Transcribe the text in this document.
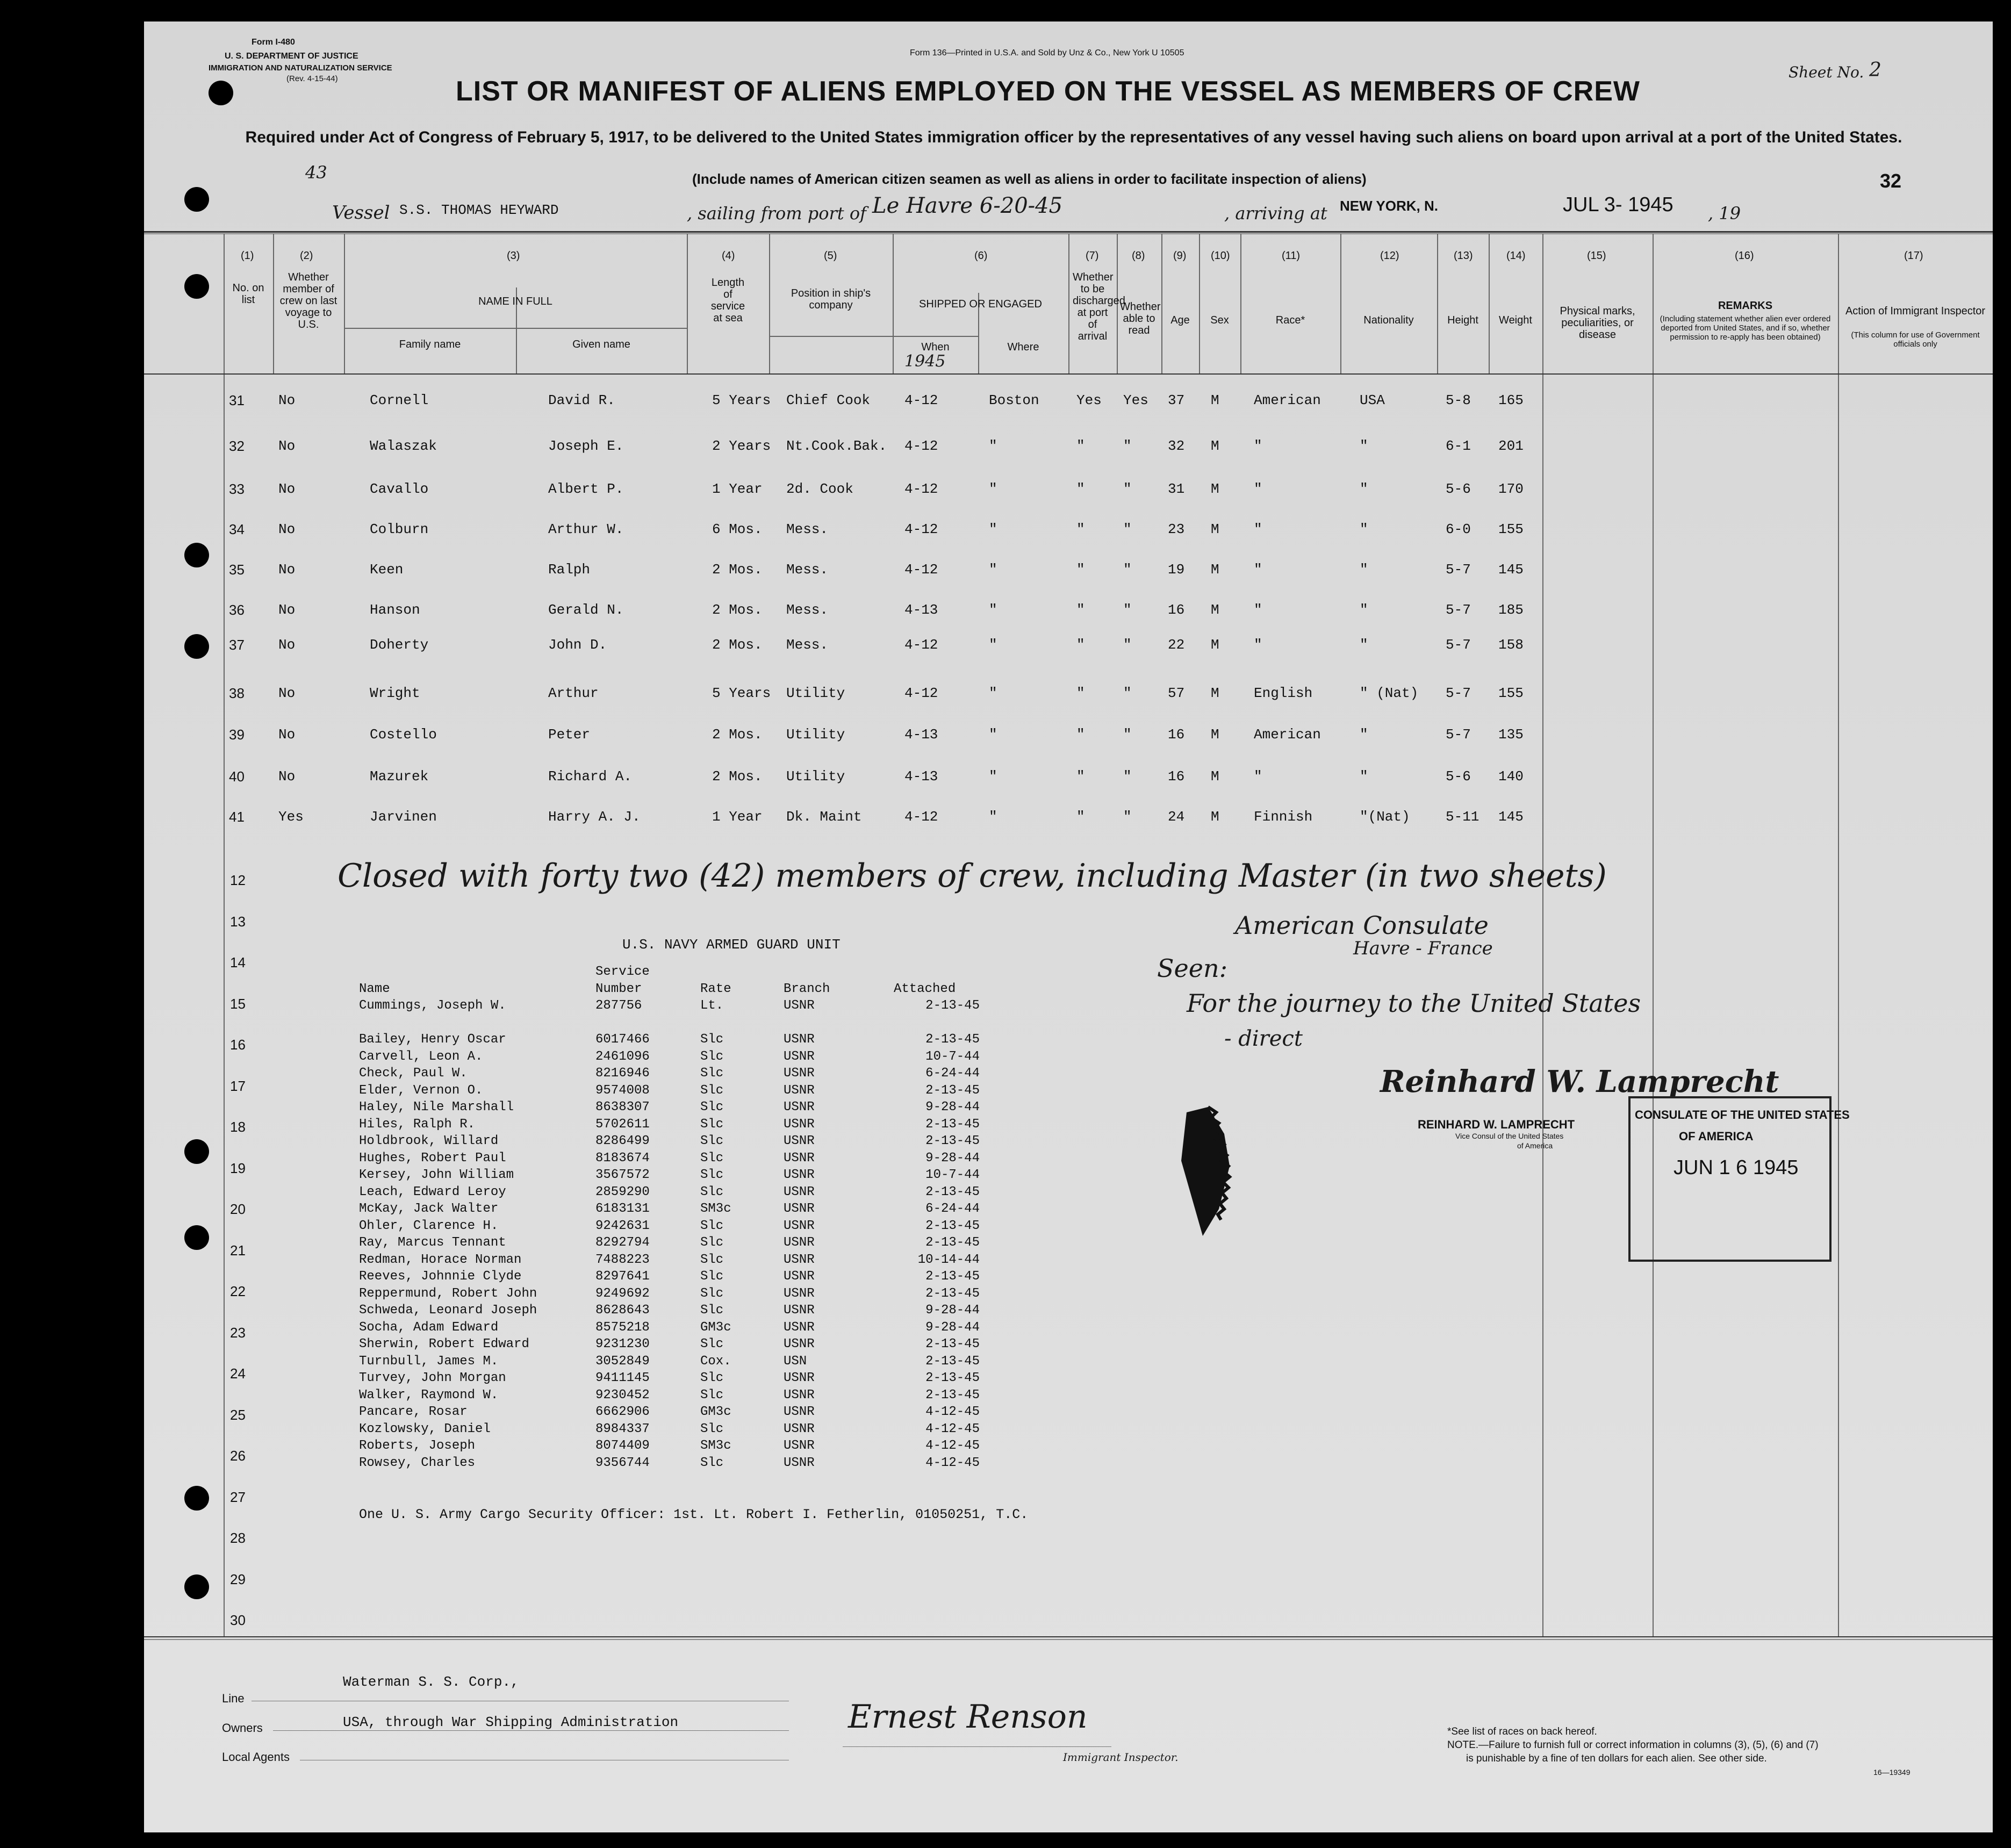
Form I-480
U. S. DEPARTMENT OF JUSTICE
IMMIGRATION AND NATURALIZATION SERVICE
(Rev. 4-15-44)
Form 136—Printed in U.S.A. and Sold by Unz & Co., New York U 10505
Sheet No. 2
LIST OR MANIFEST OF ALIENS EMPLOYED ON THE VESSEL AS MEMBERS OF CREW
Required under Act of Congress of February 5, 1917, to be delivered to the United States immigration officer by the representatives of any vessel having such aliens on board upon arrival at a port of the United States.
(Include names of American citizen seamen as well as aliens in order to facilitate inspection of aliens)	32
43
Vessel S.S. THOMAS HEYWARD	, sailing from port of Le Havre 6-20-45	, arriving at NEW YORK, N.	JUL 3- 1945 , 19
(1)	(2)	(3)	(4)	(5)	(6)	(7)	(8)	(9) (10)	(11)	(12)	(13)	(14)	(15)	(16)	(17)
No. on list
Whether member of crew on last voyage to U.S.
NAME IN FULL
Family name	Given name
Length of service at sea
Position in ship's company	SHIPPED OR ENGAGED
When
1945
Where
Whether to be discharged at port of arrival
Whether able to read
Age	Sex	Race*	Nationality	Height	Weight
Physical marks, peculiarities, or disease
REMARKS
(Including statement whether alien ever ordered deported from United States, and if so, whether permission to re-apply has been obtained)
Action of Immigrant Inspector
(This column for use of Government officials only
31 No	Cornell	David R.	5 Years Chief Cook 4-12	Boston	Yes Yes 37 M American	USA	5-8 165
32 No	Walaszak	Joseph E.	2 Years Nt.Cook.Bak. 4-12	"	"	"	32 M "	"	6-1 201
33 No	Cavallo	Albert P.	1 Year 2d. Cook	4-12	"	"	"	31 M "	"	5-6 170
34 No	Colburn	Arthur W.	6 Mos. Mess.	4-12	"	"	"	23 M "	"	6-0 155
35 No	Keen	Ralph	2 Mos. Mess.	4-12	"	"	"	19 M "	"	5-7 145
36 No	Hanson	Gerald N.	2 Mos. Mess.	4-13	"	"	"	16 M "	"	5-7 185
37 No	Doherty	John D.	2 Mos. Mess.	4-12	"	"	"	22 M "	"	5-7 158
38 No	Wright	Arthur	5 Years Utility	4-12	"	"	"	57 M English	" (Nat) 5-7 155
39 No	Costello	Peter	2 Mos. Utility	4-13	"	"	"	16 M American	"	5-7 135
40 No	Mazurek	Richard A.	2 Mos. Utility	4-13	"	"	"	16 M "	"	5-6 140
41 Yes	Jarvinen	Harry A. J.	1 Year Dk. Maint	4-12	"	"	"	24 M Finnish	"(Nat)	5-11 145
12
13
14
15
16
17
18
19
20
21
22
23
24
25
26
27
28
29
30
Closed with forty two (42) members of crew, including Master (in two sheets)
American Consulate
Havre - France
Seen:
For the journey to the United States
- direct
Reinhard W. Lamprecht
REINHARD W. LAMPRECHT
Vice Consul of the United States
of America
CONSULATE OF THE UNITED STATES
OF AMERICA
JUN 1 6 1945
U.S. NAVY ARMED GUARD UNIT
Service
Name	Number	Rate	Branch	Attached
Cummings, Joseph W.	287756	Lt.	USNR	2-13-45

Bailey, Henry Oscar	6017466	Slc	USNR	2-13-45
Carvell, Leon A.	2461096	Slc	USNR	10-7-44
Check, Paul W.	8216946	Slc	USNR	6-24-44
Elder, Vernon O.	9574008	Slc	USNR	2-13-45
Haley, Nile Marshall	8638307	Slc	USNR	9-28-44
Hiles, Ralph R.	5702611	Slc	USNR	2-13-45
Holdbrook, Willard	8286499	Slc	USNR	2-13-45
Hughes, Robert Paul	8183674	Slc	USNR	9-28-44
Kersey, John William	3567572	Slc	USNR	10-7-44
Leach, Edward Leroy	2859290	Slc	USNR	2-13-45
McKay, Jack Walter	6183131	SM3c	USNR	6-24-44
Ohler, Clarence H.	9242631	Slc	USNR	2-13-45
Ray, Marcus Tennant	8292794	Slc	USNR	2-13-45
Redman, Horace Norman	7488223	Slc	USNR	10-14-44
Reeves, Johnnie Clyde	8297641	Slc	USNR	2-13-45
Reppermund, Robert John	9249692	Slc	USNR	2-13-45
Schweda, Leonard Joseph	8628643	Slc	USNR	9-28-44
Socha, Adam Edward	8575218	GM3c	USNR	9-28-44
Sherwin, Robert Edward	9231230	Slc	USNR	2-13-45
Turnbull, James M.	3052849	Cox.	USN	2-13-45
Turvey, John Morgan	9411145	Slc	USNR	2-13-45
Walker, Raymond W.	9230452	Slc	USNR	2-13-45
Pancare, Rosar	6662906	GM3c	USNR	4-12-45
Kozlowsky, Daniel	8984337	Slc	USNR	4-12-45
Roberts, Joseph	8074409	SM3c	USNR	4-12-45
Rowsey, Charles	9356744	Slc	USNR	4-12-45
One U. S. Army Cargo Security Officer: 1st. Lt. Robert I. Fetherlin, 01050251, T.C.
Line
Waterman S. S. Corp.,
Owners	USA, through War Shipping Administration
Local Agents
Ernest Renson
Immigrant Inspector.
*See list of races on back hereof.
NOTE.—Failure to furnish full or correct information in columns (3), (5), (6) and (7)
is punishable by a fine of ten dollars for each alien. See other side.
16—19349
